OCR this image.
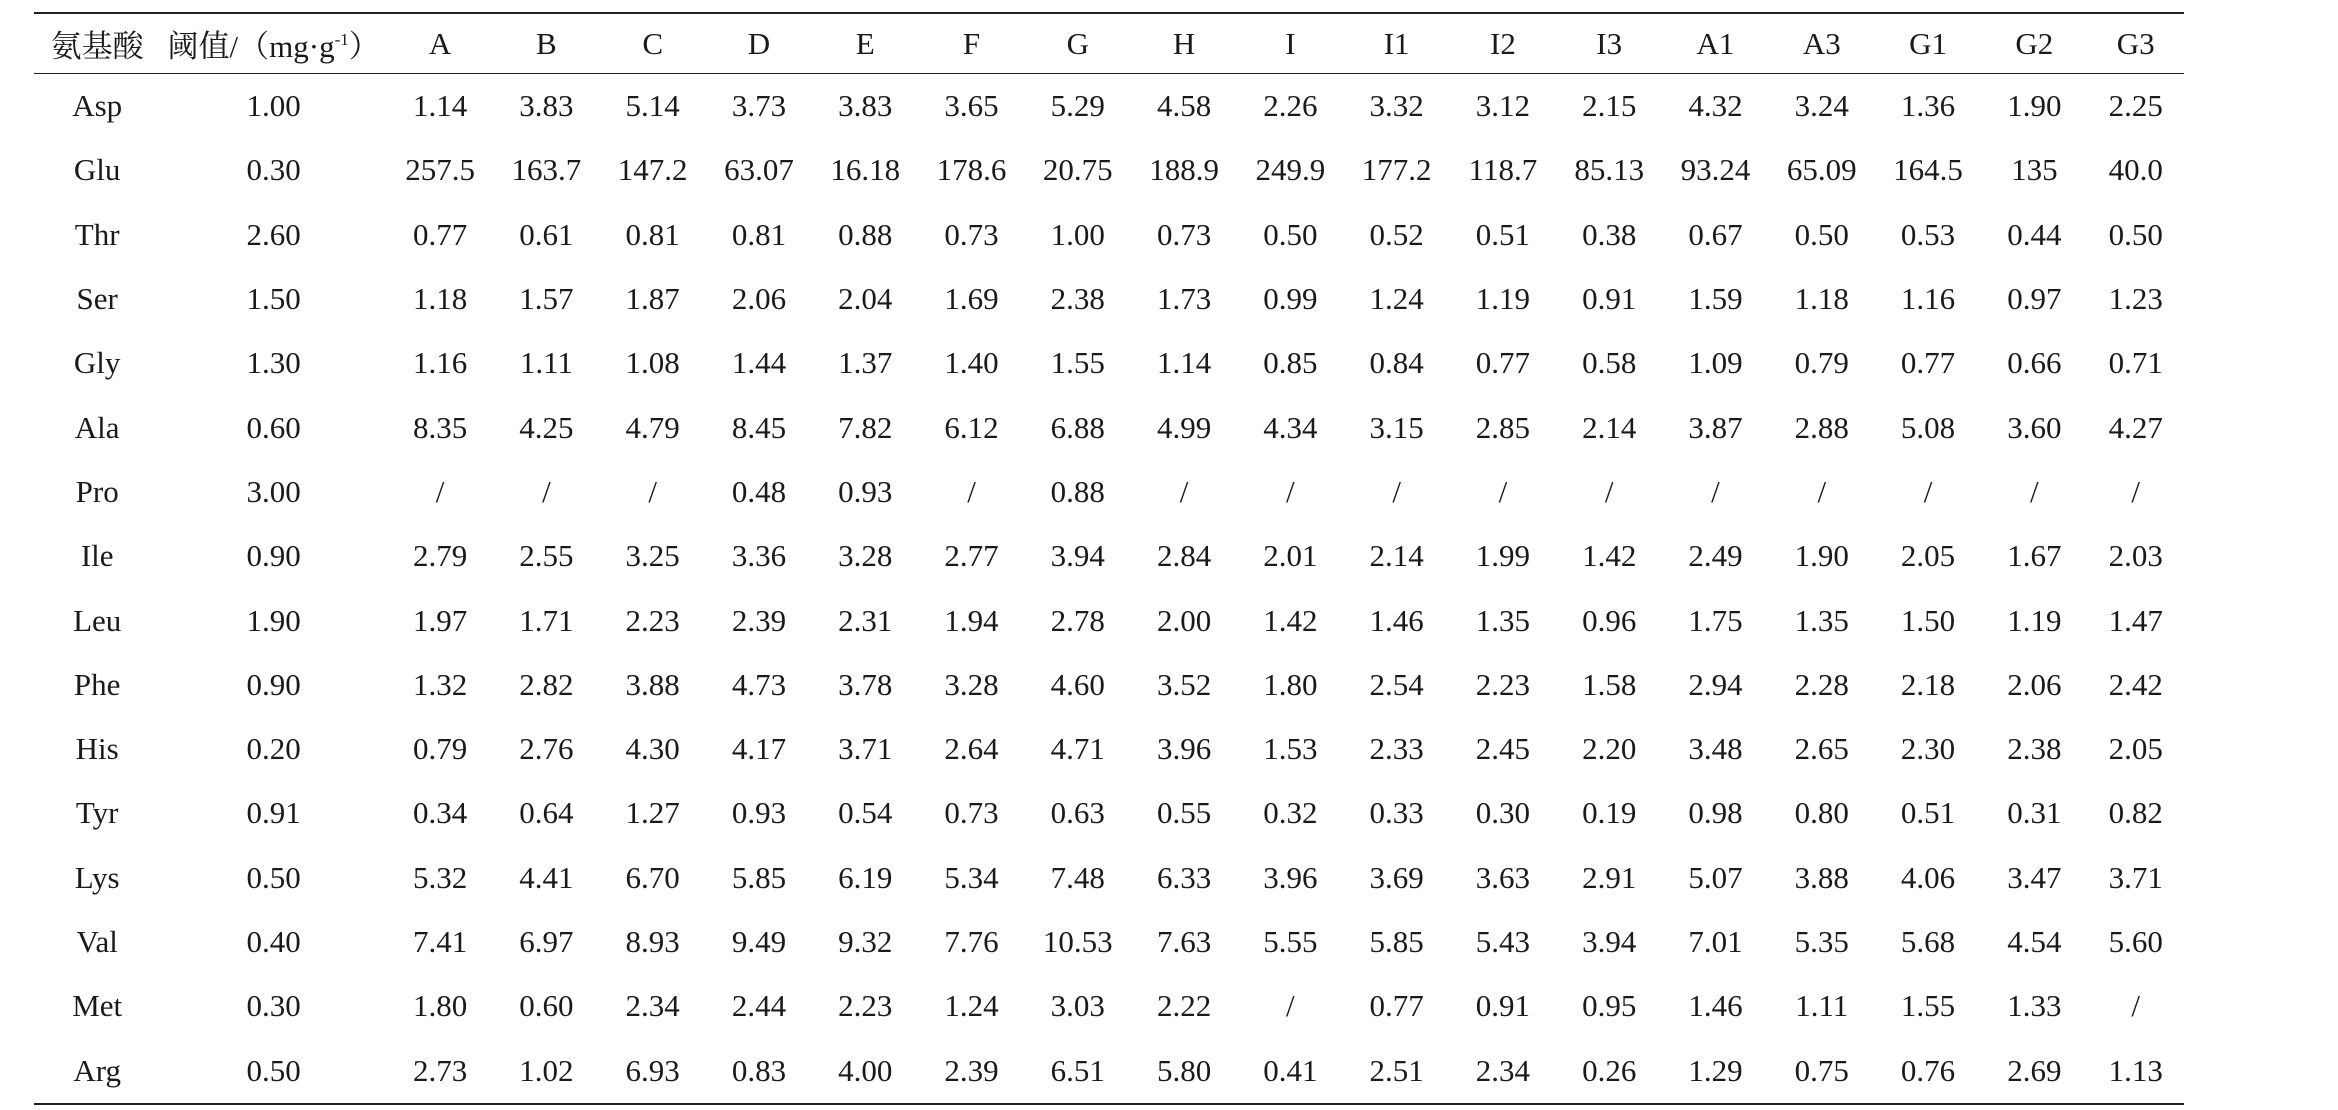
氨基酸	阈值$/(mg\cdot g^{-1})$	A	B	C	D	E	F	G	H	I	I1	I2	I3	A1	A3	G1	G2	G3
Asp	1.00	1.14	3.83	5.14	3.73	3.83	3.65	5.29	4.58	2.26	3.32	3.12	2.15	4.32	3.24	1.36	1.90	2.25
Glu	0.30	257.5	163.7	147.2	63.07	16.18	178.6	20.75	188.9	249.9	177.2	118.7	85.13	93.24	65.09	164.5	135	40.0
Thr	2.60	0.77	0.61	0.81	0.81	0.88	0.73	1.00	0.73	0.50	0.52	0.51	0.38	0.67	0.50	0.53	0.44	0.50
Ser	1.50	1.18	1.57	1.87	2.06	2.04	1.69	2.38	1.73	0.99	1.24	1.19	0.91	1.59	1.18	1.16	0.97	1.23
Gly	1.30	1.16	1.11	1.08	1.44	1.37	1.40	1.55	1.14	0.85	0.84	0.77	0.58	1.09	0.79	0.77	0.66	0.71
Ala	0.60	8.35	4.25	4.79	8.45	7.82	6.12	6.88	4.99	4.34	3.15	2.85	2.14	3.87	2.88	5.08	3.60	4.27
Pro	3.00	/	/	/	0.48	0.93	/	0.88	/	/	/	/	/	/	/	/	/	/
Ile	0.90	2.79	2.55	3.25	3.36	3.28	2.77	3.94	2.84	2.01	2.14	1.99	1.42	2.49	1.90	2.05	1.67	2.03
Leu	1.90	1.97	1.71	2.23	2.39	2.31	1.94	2.78	2.00	1.42	1.46	1.35	0.96	1.75	1.35	1.50	1.19	1.47
Phe	0.90	1.32	2.82	3.88	4.73	3.78	3.28	4.60	3.52	1.80	2.54	2.23	1.58	2.94	2.28	2.18	2.06	2.42
His	0.20	0.79	2.76	4.30	4.17	3.71	2.64	4.71	3.96	1.53	2.33	2.45	2.20	3.48	2.65	2.30	2.38	2.05
Tyr	0.91	0.34	0.64	1.27	0.93	0.54	0.73	0.63	0.55	0.32	0.33	0.30	0.19	0.98	0.80	0.51	0.31	0.82
Lys	0.50	5.32	4.41	6.70	5.85	6.19	5.34	7.48	6.33	3.96	3.69	3.63	2.91	5.07	3.88	4.06	3.47	3.71
Val	0.40	7.41	6.97	8.93	9.49	9.32	7.76	10.53	7.63	5.55	5.85	5.43	3.94	7.01	5.35	5.68	4.54	5.60
Met	0.30	1.80	0.60	2.34	2.44	2.23	1.24	3.03	2.22	/	0.77	0.91	0.95	1.46	1.11	1.55	1.33	/
Arg	0.50	2.73	1.02	6.93	0.83	4.00	2.39	6.51	5.80	0.41	2.51	2.34	0.26	1.29	0.75	0.76	2.69	1.13
